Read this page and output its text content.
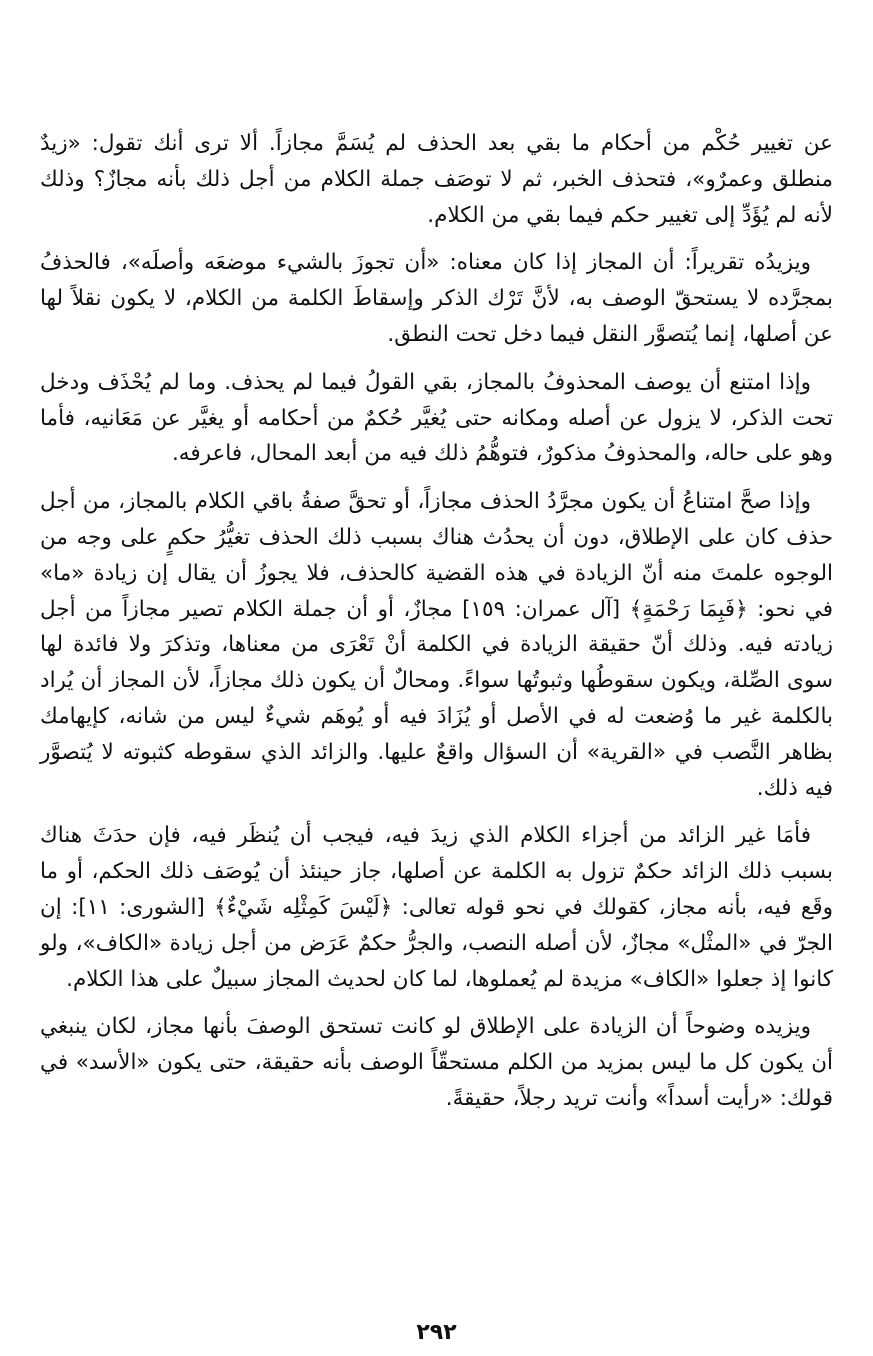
عن تغيير حُكْم من أحكام ما بقي بعد الحذف لم يُسَمَّ مجازاً. ألا ترى أنك تقول: «زيدٌ منطلق وعمرٌو»، فتحذف الخبر، ثم لا توصَف جملة الكلام من أجل ذلك بأنه مجازٌ؟ وذلك لأنه لم يُؤَدِّ إلى تغيير حكم فيما بقي من الكلام.

ويزيدُه تقريراً: أن المجاز إذا كان معناه: «أن تجوزَ بالشيء موضعَه وأصلَه»، فالحذفُ بمجرَّده لا يستحقّ الوصف به، لأنَّ تَرْك الذكر وإسقاطَ الكلمة من الكلام، لا يكون نقلاً لها عن أصلها، إنما يُتصوَّر النقل فيما دخل تحت النطق.

وإذا امتنع أن يوصف المحذوفُ بالمجاز، بقي القولُ فيما لم يحذف. وما لم يُحْذَف ودخل تحت الذكر، لا يزول عن أصله ومكانه حتى يُغيَّر حُكمٌ من أحكامه أو يغيَّر عن مَعَانيه، فأما وهو على حاله، والمحذوفُ مذكورٌ، فتوهُّمُ ذلك فيه من أبعد المحال، فاعرفه.

وإذا صحَّ امتناعُ أن يكون مجرَّدُ الحذف مجازاً، أو تحقَّ صفةُ باقي الكلام بالمجاز، من أجل حذف كان على الإطلاق، دون أن يحدُث هناك بسبب ذلك الحذف تغيُّرُ حكمٍ على وجه من الوجوه علمتَ منه أنّ الزيادة في هذه القضية كالحذف، فلا يجوزُ أن يقال إن زيادة «ما» في نحو: ﴿فَبِمَا رَحْمَةٍ﴾ [آل عمران: ١٥٩] مجازٌ، أو أن جملة الكلام تصير مجازاً من أجل زيادته فيه. وذلك أنّ حقيقة الزيادة في الكلمة أنْ تَعْرَى من معناها، وتذكرَ ولا فائدة لها سوى الصِّلة، ويكون سقوطُها وثبوتُها سواءً. ومحالٌ أن يكون ذلك مجازاً، لأن المجاز أن يُراد بالكلمة غير ما وُضعت له في الأصل أو يُزَادَ فيه أو يُوهَم شيءٌ ليس من شانه، كإيهامك بظاهر النَّصب في «القرية» أن السؤال واقعٌ عليها. والزائد الذي سقوطه كثبوته لا يُتصوَّر فيه ذلك.

فأمَا غير الزائد من أجزاء الكلام الذي زيدَ فيه، فيجب أن يُنظَر فيه، فإن حدَثَ هناك بسبب ذلك الزائد حكمٌ تزول به الكلمة عن أصلها، جاز حينئذ أن يُوصَف ذلك الحكم، أو ما وقَع فيه، بأنه مجاز، كقولك في نحو قوله تعالى: ﴿لَيْسَ كَمِثْلِه شَيْءٌ﴾ [الشورى: ١١]: إن الجرّ في «المثْل» مجازٌ، لأن أصله النصب، والجرُّ حكمٌ عَرَض من أجل زيادة «الكاف»، ولو كانوا إذ جعلوا «الكاف» مزيدة لم يُعملوها، لما كان لحديث المجاز سبيلٌ على هذا الكلام.

ويزيده وضوحاً أن الزيادة على الإطلاق لو كانت تستحق الوصفَ بأنها مجاز، لكان ينبغي أن يكون كل ما ليس بمزيد من الكلم مستحقّاً الوصف بأنه حقيقة، حتى يكون «الأسد» في قولك: «رأيت أسداً» وأنت تريد رجلاً، حقيقةً.

٢٩٢
